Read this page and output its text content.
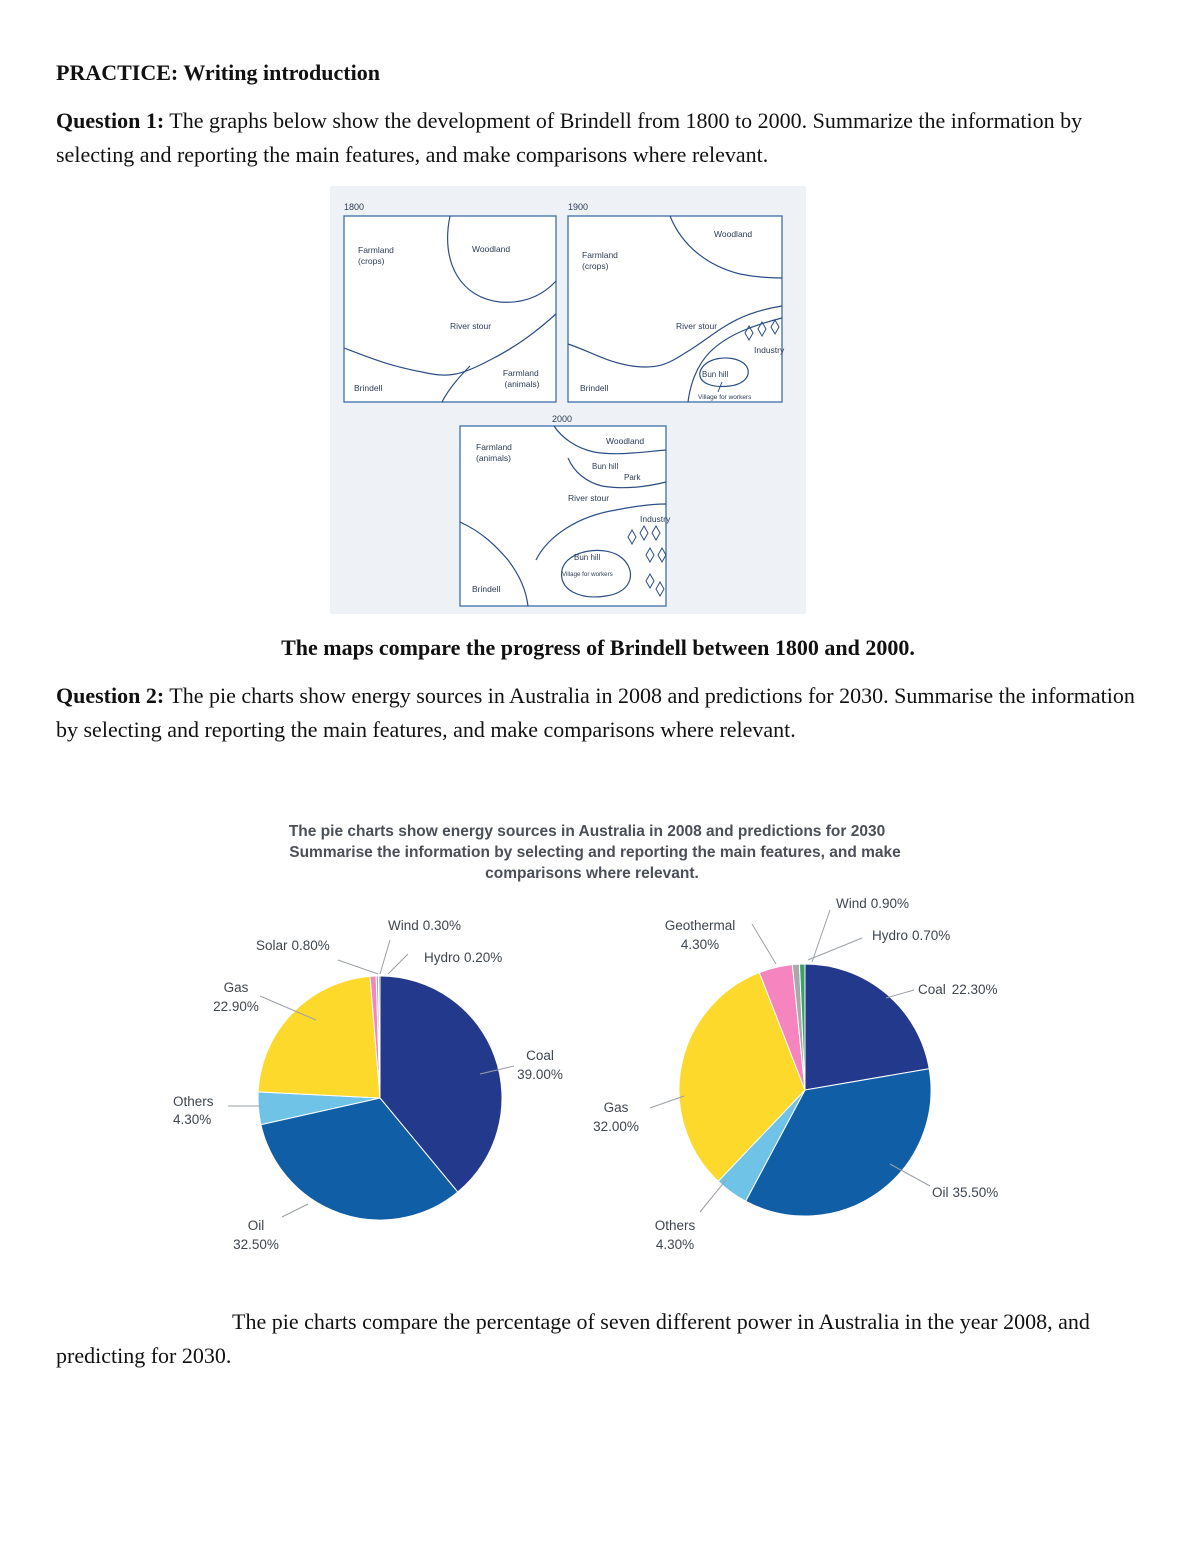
PRACTICE: Writing introduction

Question 1: The graphs below show the development of Brindell from 1800 to 2000. Summarize the information by selecting and reporting the main features, and make comparisons where relevant.

1800
Farmland (crops)
Woodland
River stour
Farmland (animals)
Brindell
1900
Farmland (crops)
Woodland
River stour
Industry
Bun hill
Village for workers
Brindell
2000
Farmland (animals)
Woodland
Bun hill Park
River stour
Industry
Bun hill
Village for workers
Brindell

The maps compare the progress of Brindell between 1800 and 2000.

Question 2: The pie charts show energy sources in Australia in 2008 and predictions for 2030. Summarise the information by selecting and reporting the main features, and make comparisons where relevant.

The pie charts show energy sources in Australia in 2008 and predictions for 2030
Summarise the information by selecting and reporting the main features, and make
comparisons where relevant.
Wind 0.30%
Solar 0.80%
Hydro 0.20%
Gas 22.90%
Others 4.30%
Coal 39.00%
Oil 32.50%
Wind 0.90%
Hydro 0.70%
Geothermal 4.30%
Coal 22.30%
Gas 32.00%
Oil 35.50%
Others 4.30%

The pie charts compare the percentage of seven different power in Australia in the year 2008, and predicting for 2030.
